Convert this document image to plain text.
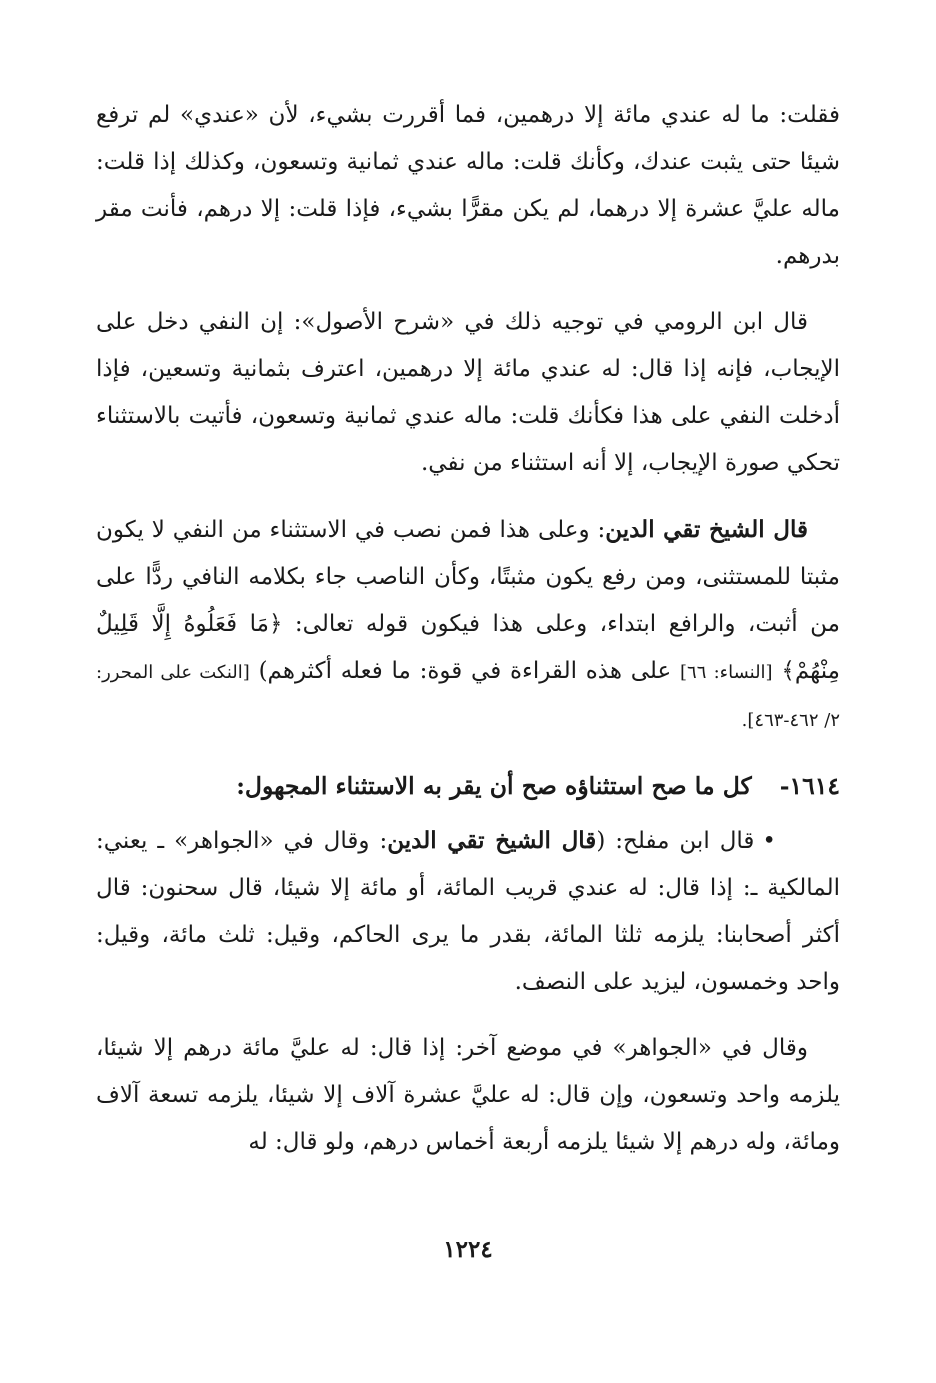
فقلت: ما له عندي مائة إلا درهمين، فما أقررت بشيء، لأن «عندي» لم ترفع شيئا حتى يثبت عندك، وكأنك قلت: ماله عندي ثمانية وتسعون، وكذلك إذا قلت: ماله عليَّ عشرة إلا درهما، لم يكن مقرًّا بشيء، فإذا قلت: إلا درهم، فأنت مقر بدرهم.

قال ابن الرومي في توجيه ذلك في «شرح الأصول»: إن النفي دخل على الإيجاب، فإنه إذا قال: له عندي مائة إلا درهمين، اعترف بثمانية وتسعين، فإذا أدخلت النفي على هذا فكأنك قلت: ماله عندي ثمانية وتسعون، فأتيت بالاستثناء تحكي صورة الإيجاب، إلا أنه استثناء من نفي.

قال الشيخ تقي الدين: وعلى هذا فمن نصب في الاستثناء من النفي لا يكون مثبتا للمستثنى، ومن رفع يكون مثبتًا، وكأن الناصب جاء بكلامه النافي ردًّا على من أثبت، والرافع ابتداء، وعلى هذا فيكون قوله تعالى: ﴿مَا فَعَلُوهُ إِلَّا قَلِيلٌ مِنْهُمْ﴾ [النساء: ٦٦] على هذه القراءة في قوة: ما فعله أكثرهم) [النكت على المحرر: ٢/ ٤٦٢-٤٦٣].

١٦١٤-كل ما صح استثناؤه صح أن يقر به الاستثناء المجهول:

•قال ابن مفلح: (قال الشيخ تقي الدين: وقال في «الجواهر» ـ يعني: المالكية ـ: إذا قال: له عندي قريب المائة، أو مائة إلا شيئا، قال سحنون: قال أكثر أصحابنا: يلزمه ثلثا المائة، بقدر ما يرى الحاكم، وقيل: ثلث مائة، وقيل: واحد وخمسون، ليزيد على النصف.

وقال في «الجواهر» في موضع آخر: إذا قال: له عليَّ مائة درهم إلا شيئا، يلزمه واحد وتسعون، وإن قال: له عليَّ عشرة آلاف إلا شيئا، يلزمه تسعة آلاف ومائة، وله درهم إلا شيئا يلزمه أربعة أخماس درهم، ولو قال: له

١٢٢٤
